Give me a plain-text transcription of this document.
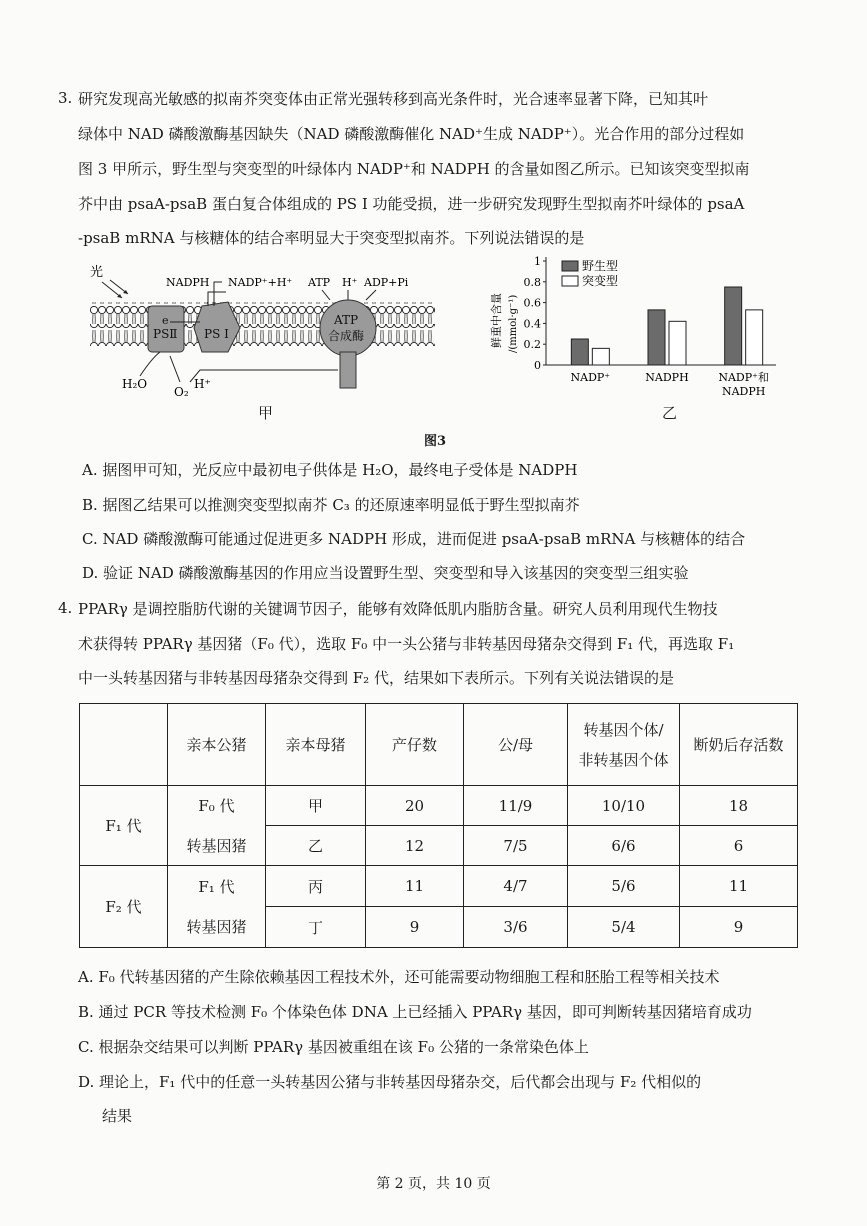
3. 研究发现高光敏感的拟南芥突变体由正常光强转移到高光条件时，光合速率显著下降，已知其叶
绿体中 NAD 磷酸激酶基因缺失（NAD 磷酸激酶催化 NAD⁺生成 NADP⁺）。光合作用的部分过程如
图 3 甲所示，野生型与突变型的叶绿体内 NADP⁺和 NADPH 的含量如图乙所示。已知该突变型拟南
芥中由 psaA-psaB 蛋白复合体组成的 PS I 功能受损，进一步研究发现野生型拟南芥叶绿体的 psaA
-psaB mRNA 与核糖体的结合率明显大于突变型拟南芥。下列说法错误的是
光
PSⅡ
e
PS I
NADPH NADP⁺+H⁺
ATP
合成酶
ATP H⁺ ADP+Pi
H₂O
O₂
H⁺
甲
0
0.2
0.4
0.6
0.8
1
鲜重中含量 /(mmol·g⁻¹)
NADP⁺	NADPH	NADP⁺和
NADPH
野生型
突变型
乙
图3
A. 据图甲可知，光反应中最初电子供体是 H₂O，最终电子受体是 NADPH
B. 据图乙结果可以推测突变型拟南芥 C₃ 的还原速率明显低于野生型拟南芥
C. NAD 磷酸激酶可能通过促进更多 NADPH 形成，进而促进 psaA-psaB mRNA 与核糖体的结合
D. 验证 NAD 磷酸激酶基因的作用应当设置野生型、突变型和导入该基因的突变型三组实验
4. PPARγ 是调控脂肪代谢的关键调节因子，能够有效降低肌内脂肪含量。研究人员利用现代生物技
术获得转 PPARγ 基因猪（F₀ 代），选取 F₀ 中一头公猪与非转基因母猪杂交得到 F₁ 代，再选取 F₁
中一头转基因猪与非转基因母猪杂交得到 F₂ 代，结果如下表所示。下列有关说法错误的是
	亲本公猪	亲本母猪	产仔数	公/母	转基因个体/
非转基因个体	断奶后存活数
F₁ 代	F₀ 代	甲	20	11/9	10/10	18
	转基因猪	乙	12	7/5	6/6	6
F₂ 代	F₁ 代	丙	11	4/7	5/6	11
	转基因猪	丁	9	3/6	5/4	9
A. F₀ 代转基因猪的产生除依赖基因工程技术外，还可能需要动物细胞工程和胚胎工程等相关技术
B. 通过 PCR 等技术检测 F₀ 个体染色体 DNA 上已经插入 PPARγ 基因，即可判断转基因猪培育成功
C. 根据杂交结果可以判断 PPARγ 基因被重组在该 F₀ 公猪的一条常染色体上
D. 理论上，F₁ 代中的任意一头转基因公猪与非转基因母猪杂交，后代都会出现与 F₂ 代相似的
结果
第 2 页，共 10 页
